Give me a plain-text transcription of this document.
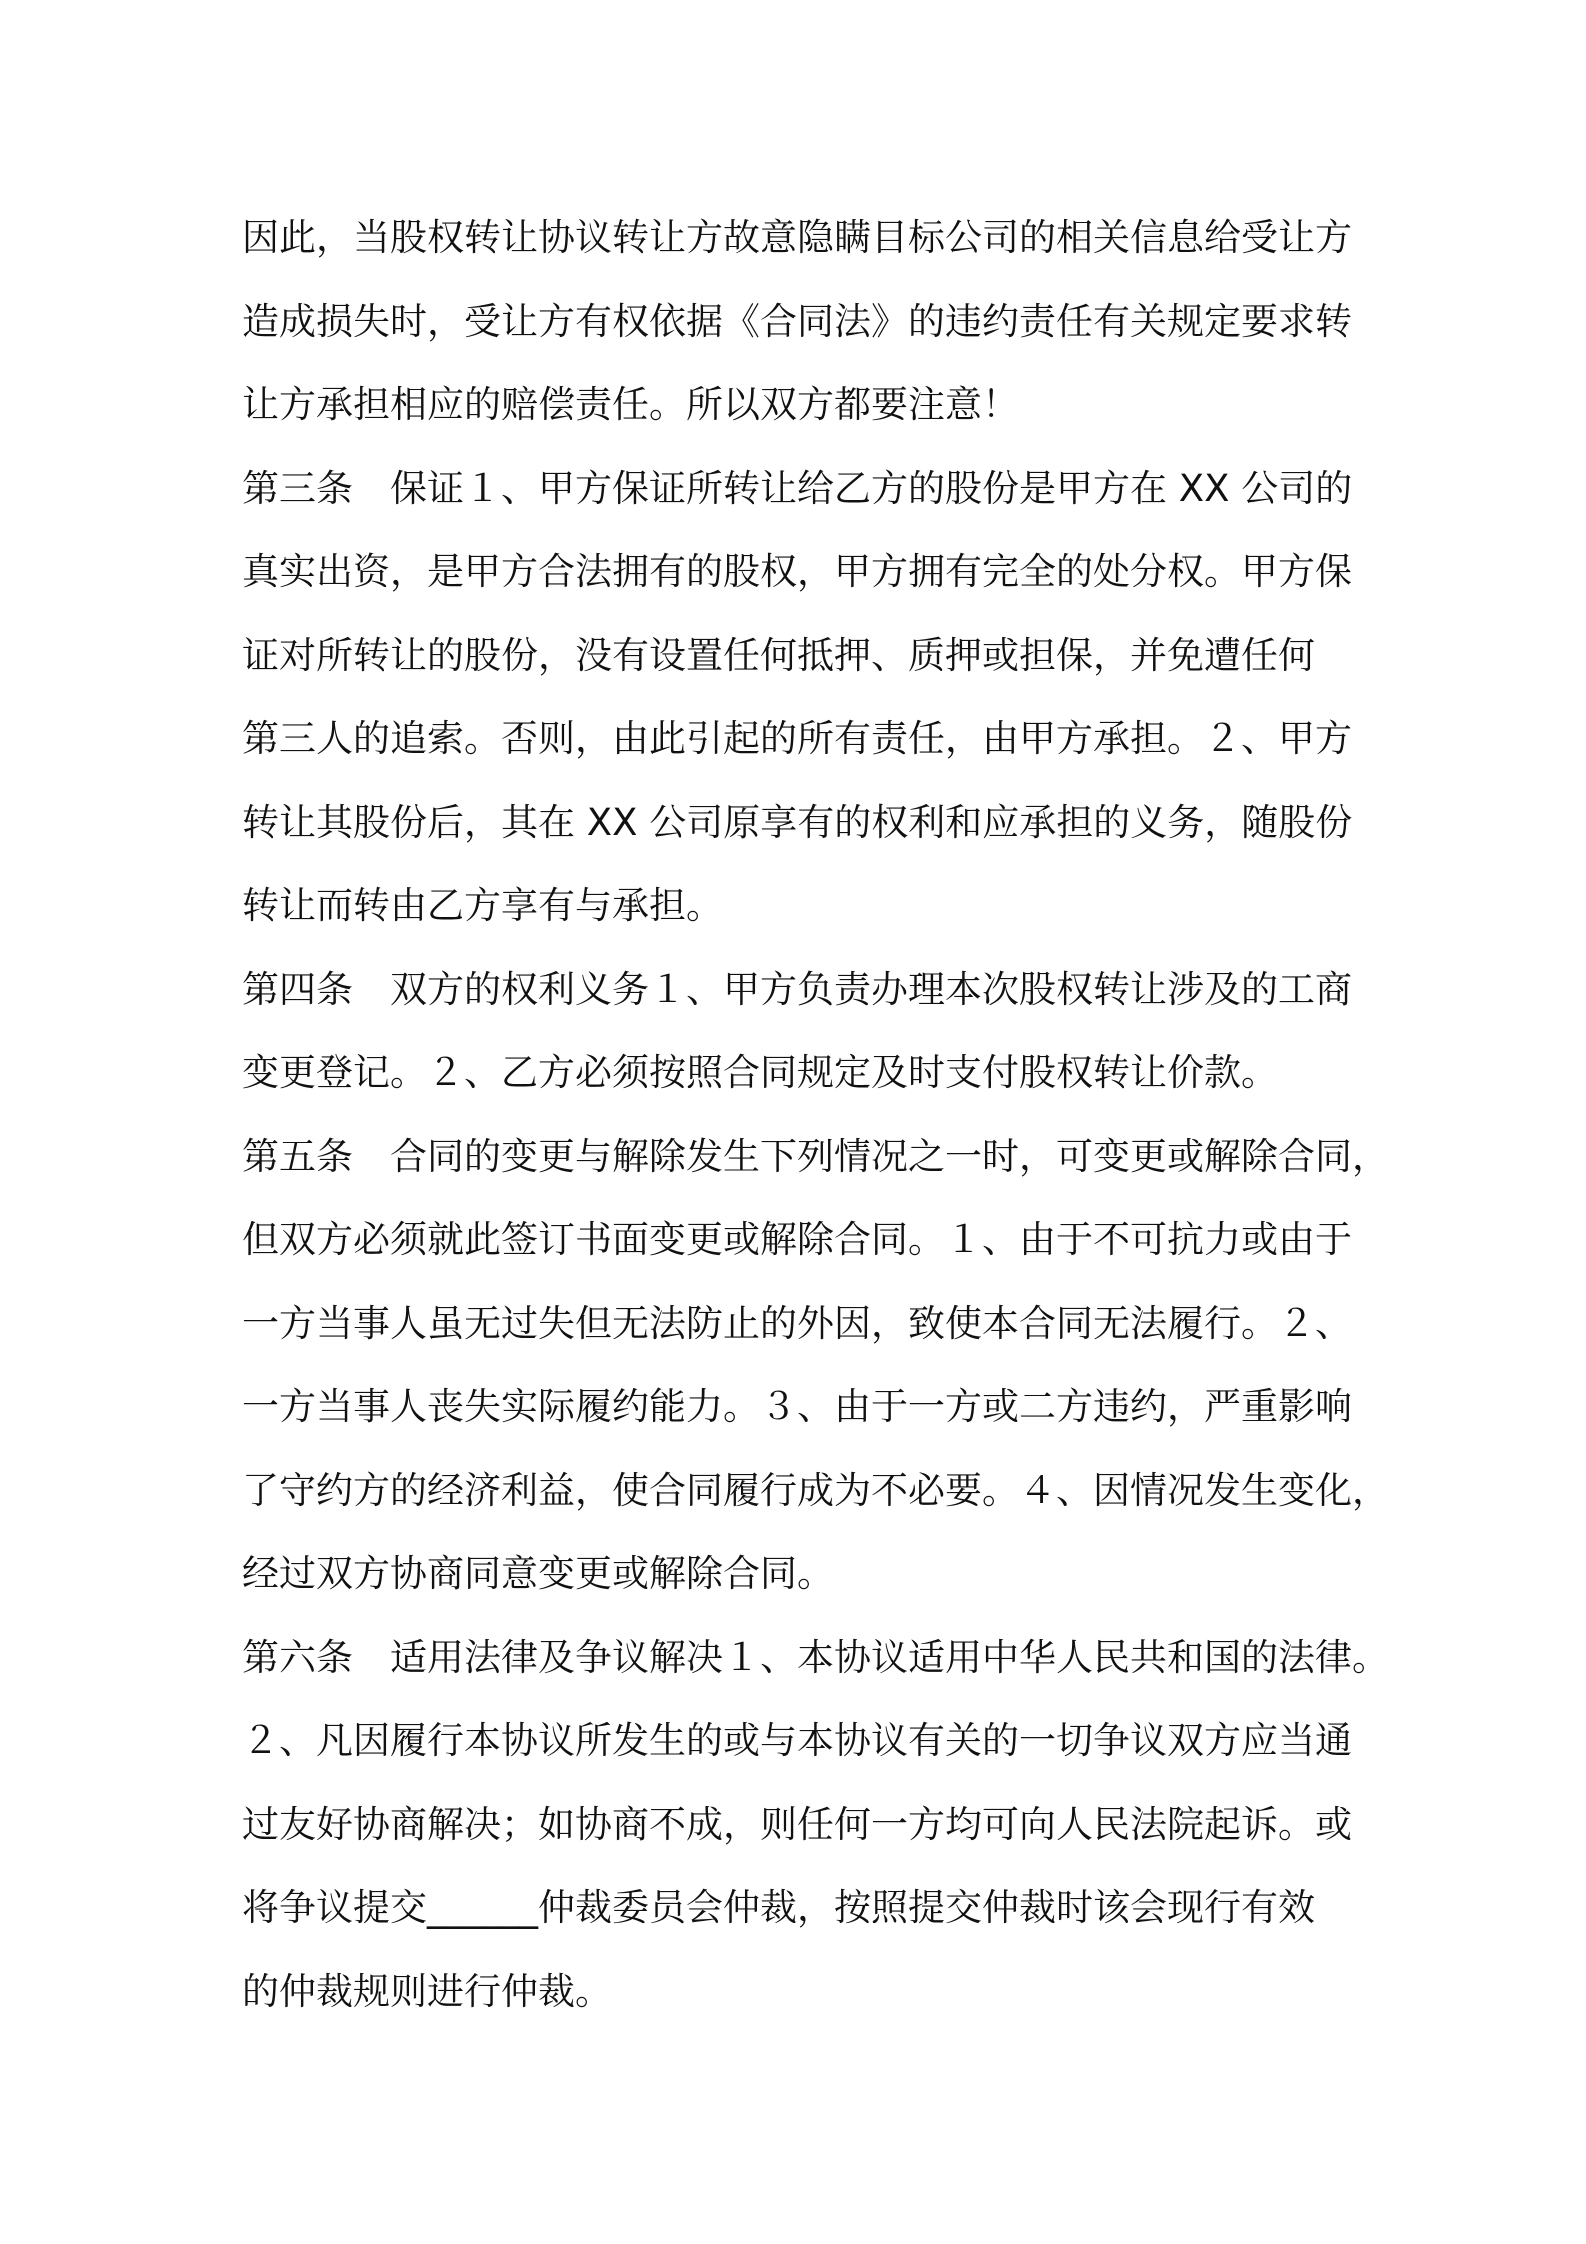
因此，当股权转让协议转让方故意隐瞒目标公司的相关信息给受让方
造成损失时，受让方有权依据《合同法》的违约责任有关规定要求转
让方承担相应的赔偿责任。所以双方都要注意！
第三条　保证１、甲方保证所转让给乙方的股份是甲方在 XX 公司的
真实出资，是甲方合法拥有的股权，甲方拥有完全的处分权。甲方保
证对所转让的股份，没有设置任何抵押、质押或担保，并免遭任何
第三人的追索。否则，由此引起的所有责任，由甲方承担。２、甲方
转让其股份后，其在 XX 公司原享有的权利和应承担的义务，随股份
转让而转由乙方享有与承担。
第四条　双方的权利义务１、甲方负责办理本次股权转让涉及的工商
变更登记。２、乙方必须按照合同规定及时支付股权转让价款。
第五条　合同的变更与解除发生下列情况之一时，可变更或解除合同，
但双方必须就此签订书面变更或解除合同。１、由于不可抗力或由于
一方当事人虽无过失但无法防止的外因，致使本合同无法履行。２、
一方当事人丧失实际履约能力。３、由于一方或二方违约，严重影响
了守约方的经济利益，使合同履行成为不必要。４、因情况发生变化，
经过双方协商同意变更或解除合同。
第六条　适用法律及争议解决１、本协议适用中华人民共和国的法律。
２、凡因履行本协议所发生的或与本协议有关的一切争议双方应当通
过友好协商解决；如协商不成，则任何一方均可向人民法院起诉。或
将争议提交______仲裁委员会仲裁，按照提交仲裁时该会现行有效
的仲裁规则进行仲裁。
